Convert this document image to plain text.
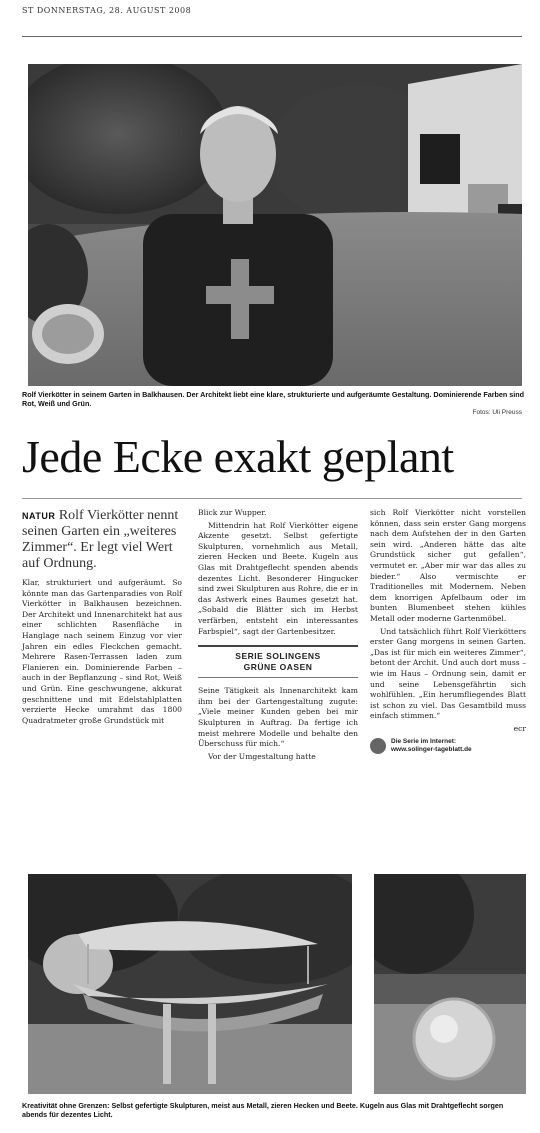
ST DONNERSTAG, 28. AUGUST 2008
Rolf Vierkötter in seinem Garten in Balkhausen. Der Architekt liebt eine klare, strukturierte und aufgeräumte Gestaltung. Dominierende Farben sind Rot, Weiß und Grün.
Fotos: Uli Preuss
Jede Ecke exakt geplant
NATUR Rolf Vierkötter nennt seinen Garten ein „weiteres Zimmer“. Er legt viel Wert auf Ordnung.

Klar, strukturiert und aufgeräumt. So könnte man das Gartenparadies von Rolf Vierkötter in Balkhausen bezeichnen. Der Architekt und Innenarchitekt hat aus einer schlichten Rasenfläche in Hanglage nach seinem Einzug vor vier Jahren ein edles Fleckchen gemacht. Mehrere Rasen-Terrassen laden zum Flanieren ein. Dominierende Farben – auch in der Bepflanzung – sind Rot, Weiß und Grün. Eine geschwungene, akkurat geschnittene und mit Edelstahlplatten verzierte Hecke umrahmt das 1800 Quadratmeter große Grundstück mit

Blick zur Wupper.

Mittendrin hat Rolf Vierkötter eigene Akzente gesetzt. Selbst gefertigte Skulpturen, vornehmlich aus Metall, zieren Hecken und Beete. Kugeln aus Glas mit Drahtgeflecht spenden abends dezentes Licht. Besonderer Hingucker sind zwei Skulpturen aus Rohre, die er in das Astwerk eines Baumes gesetzt hat. „Sobald die Blätter sich im Herbst verfärben, entsteht ein interessantes Farbspiel“, sagt der Gartenbesitzer.

SERIE SOLINGENS
GRÜNE OASEN

Seine Tätigkeit als Innenarchitekt kam ihm bei der Gartengestaltung zugute: „Viele meiner Kunden geben bei mir Skulpturen in Auftrag. Da fertige ich meist mehrere Modelle und behalte den Überschuss für mich.“

Vor der Umgestaltung hatte

sich Rolf Vierkötter nicht vorstellen können, dass sein erster Gang morgens nach dem Aufstehen der in den Garten sein wird. „Anderen hätte das alte Grundstück sicher gut gefallen“, vermutet er. „Aber mir war das alles zu bieder.“ Also vermischte er Traditionelles mit Modernem. Neben dem knorrigen Apfelbaum oder im bunten Blumenbeet stehen kühles Metall oder moderne Gartenmöbel.

Und tatsächlich führt Rolf Vierkötters erster Gang morgens in seinen Garten. „Das ist für mich ein weiteres Zimmer“, betont der Archit. Und auch dort muss – wie im Haus – Ordnung sein, damit er und seine Lebensgefährtin sich wohlfühlen. „Ein herumfliegendes Blatt ist schon zu viel. Das Gesamtbild muss einfach stimmen.“

ecr
Die Serie im Internet:
www.solinger-tageblatt.de
Kreativität ohne Grenzen: Selbst gefertigte Skulpturen, meist aus Metall, zieren Hecken und Beete. Kugeln aus Glas mit Drahtgeflecht sorgen abends für dezentes Licht.
